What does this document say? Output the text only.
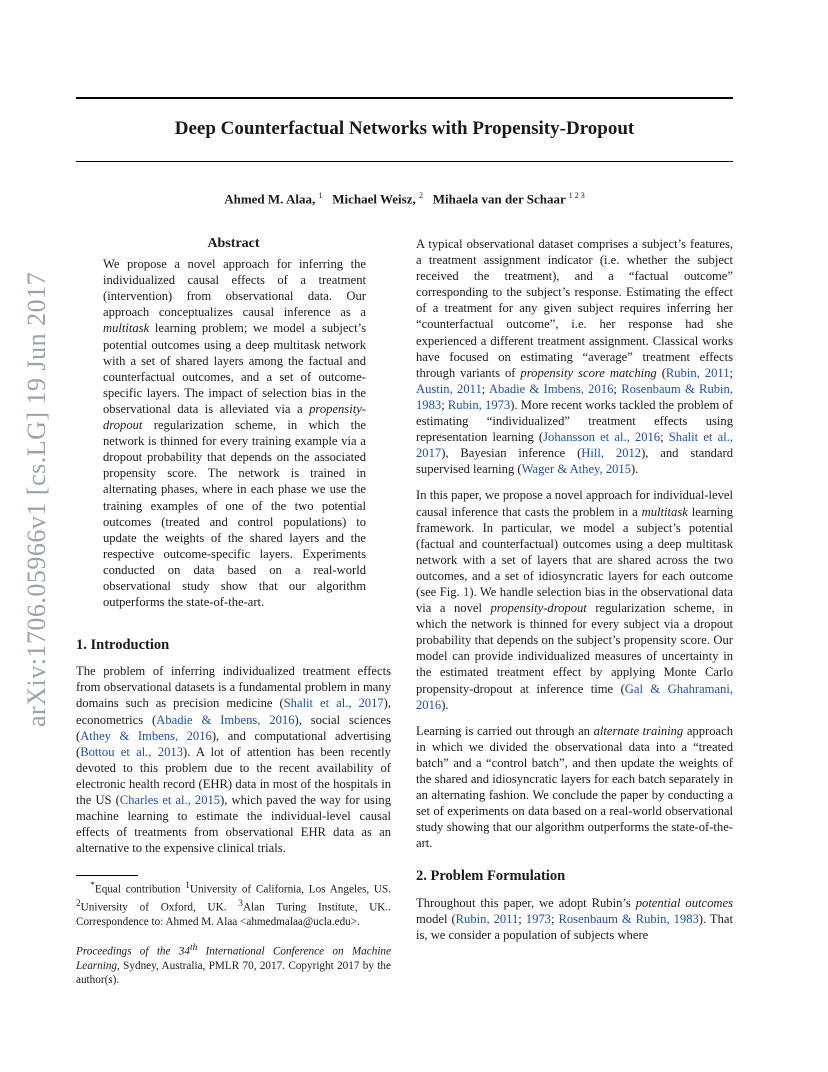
arXiv:1706.05966v1 [cs.LG] 19 Jun 2017
Deep Counterfactual Networks with Propensity-Dropout
Ahmed M. Alaa, $^1$ Michael Weisz, $^2$ Mihaela van der Schaar $^{1 2 3}$
Abstract
We propose a novel approach for inferring the individualized causal effects of a treatment (intervention) from observational data. Our approach conceptualizes causal inference as a multitask learning problem; we model a subject’s potential outcomes using a deep multitask network with a set of shared layers among the factual and counterfactual outcomes, and a set of outcome-specific layers. The impact of selection bias in the observational data is alleviated via a propensity-dropout regularization scheme, in which the network is thinned for every training example via a dropout probability that depends on the associated propensity score. The network is trained in alternating phases, where in each phase we use the training examples of one of the two potential outcomes (treated and control populations) to update the weights of the shared layers and the respective outcome-specific layers. Experiments conducted on data based on a real-world observational study show that our algorithm outperforms the state-of-the-art.
1. Introduction

The problem of inferring individualized treatment effects from observational datasets is a fundamental problem in many domains such as precision medicine (Shalit et al., 2017), econometrics (Abadie & Imbens, 2016), social sciences (Athey & Imbens, 2016), and computational advertising (Bottou et al., 2013). A lot of attention has been recently devoted to this problem due to the recent availability of electronic health record (EHR) data in most of the hospitals in the US (Charles et al., 2015), which paved the way for using machine learning to estimate the individual-level causal effects of treatments from observational EHR data as an alternative to the expensive clinical trials.

*Equal contribution $^1$University of California, Los Angeles, US. $^2$University of Oxford, UK. $^3$Alan Turing Institute, UK.. Correspondence to: Ahmed M. Alaa <ahmedmalaa@ucla.edu>.
Proceedings of the 34th International Conference on Machine Learning, Sydney, Australia, PMLR 70, 2017. Copyright 2017 by the author(s).

A typical observational dataset comprises a subject’s features, a treatment assignment indicator (i.e. whether the subject received the treatment), and a “factual outcome” corresponding to the subject’s response. Estimating the effect of a treatment for any given subject requires inferring her “counterfactual outcome”, i.e. her response had she experienced a different treatment assignment. Classical works have focused on estimating “average” treatment effects through variants of propensity score matching (Rubin, 2011; Austin, 2011; Abadie & Imbens, 2016; Rosenbaum & Rubin, 1983; Rubin, 1973). More recent works tackled the problem of estimating “individualized” treatment effects using representation learning (Johansson et al., 2016; Shalit et al., 2017), Bayesian inference (Hill, 2012), and standard supervised learning (Wager & Athey, 2015).

In this paper, we propose a novel approach for individual-level causal inference that casts the problem in a multitask learning framework. In particular, we model a subject’s potential (factual and counterfactual) outcomes using a deep multitask network with a set of layers that are shared across the two outcomes, and a set of idiosyncratic layers for each outcome (see Fig. 1). We handle selection bias in the observational data via a novel propensity-dropout regularization scheme, in which the network is thinned for every subject via a dropout probability that depends on the subject’s propensity score. Our model can provide individualized measures of uncertainty in the estimated treatment effect by applying Monte Carlo propensity-dropout at inference time (Gal & Ghahramani, 2016).

Learning is carried out through an alternate training approach in which we divided the observational data into a “treated batch” and a “control batch”, and then update the weights of the shared and idiosyncratic layers for each batch separately in an alternating fashion. We conclude the paper by conducting a set of experiments on data based on a real-world observational study showing that our algorithm outperforms the state-of-the-art.

2. Problem Formulation

Throughout this paper, we adopt Rubin’s potential outcomes model (Rubin, 2011; 1973; Rosenbaum & Rubin, 1983). That is, we consider a population of subjects where
